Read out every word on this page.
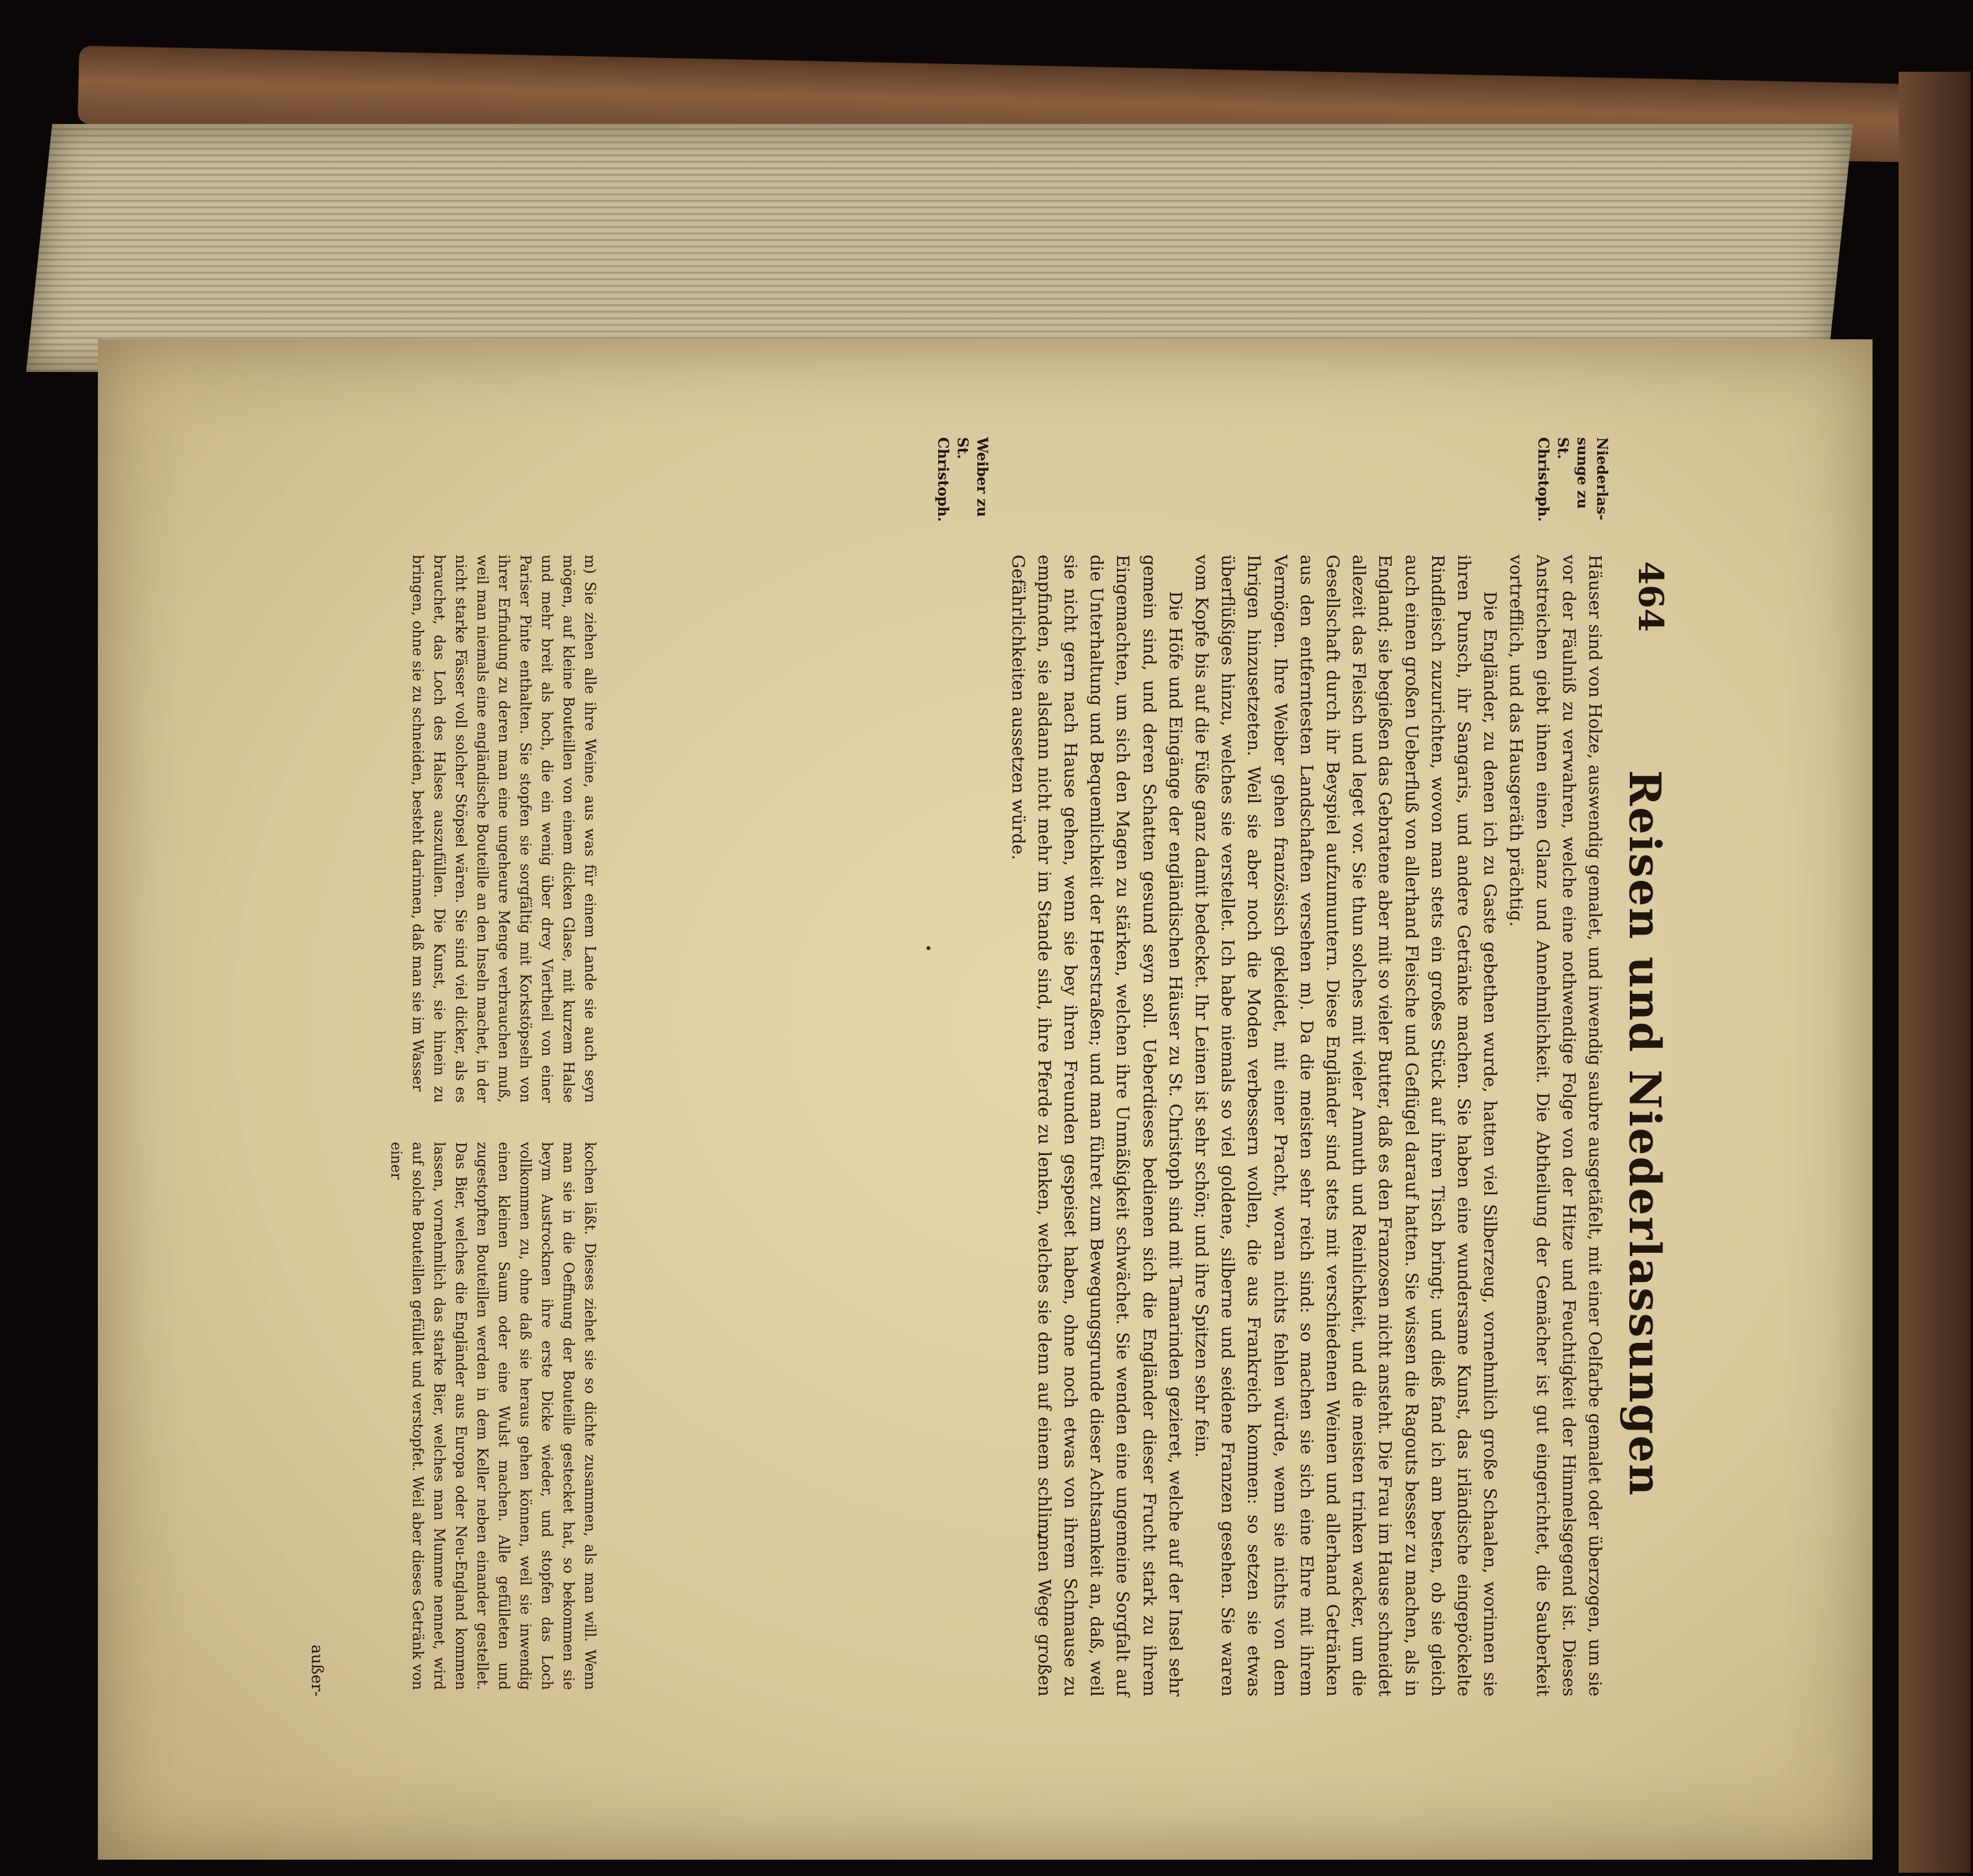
464
Reisen und Niederlassungen
Niederlas-
sunge zu St.
Christoph.
Weiber zu St.
Christoph.

Häuser sind von Holze, auswendig gemalet, und inwendig saubre ausgetäfelt, mit einer Oelfarbe gemalet oder überzogen, um sie vor der Fäulniß zu verwahren, welche eine nothwendige Folge von der Hitze und Feuchtigkeit der Himmelsgegend ist. Dieses Anstreichen giebt ihnen einen Glanz und Annehmlichkeit. Die Abtheilung der Gemächer ist gut eingerichtet, die Sauberkeit vortrefflich, und das Hausgeräth prächtig.

Die Engländer, zu denen ich zu Gaste gebethen wurde, hatten viel Silberzeug, vornehmlich große Schaalen, worinnen sie ihren Punsch, ihr Sangaris, und andere Getränke machen. Sie haben eine wundersame Kunst, das irländische eingepöckelte Rindfleisch zuzurichten, wovon man stets ein großes Stück auf ihren Tisch bringt; und dieß fand ich am besten, ob sie gleich auch einen großen Ueberfluß von allerhand Fleische und Geflügel darauf hatten. Sie wissen die Ragouts besser zu machen, als in England; sie begießen das Gebratene aber mit so vieler Butter, daß es den Franzosen nicht ansteht. Die Frau im Hause schneidet allezeit das Fleisch und leget vor. Sie thun solches mit vieler Anmuth und Reinlichkeit, und die meisten trinken wacker, um die Gesellschaft durch ihr Beyspiel aufzumuntern. Diese Engländer sind stets mit verschiedenen Weinen und allerhand Getränken aus den entferntesten Landschaften versehen m). Da die meisten sehr reich sind: so machen sie sich eine Ehre mit ihrem Vermögen. Ihre Weiber gehen französisch gekleidet, mit einer Pracht, woran nichts fehlen würde, wenn sie nichts von dem Ihrigen hinzusetzeten. Weil sie aber noch die Moden verbessern wollen, die aus Frankreich kommen: so setzen sie etwas überflüßiges hinzu, welches sie verstellet. Ich habe niemals so viel goldene, silberne und seidene Franzen gesehen. Sie waren vom Kopfe bis auf die Füße ganz damit bedecket. Ihr Leinen ist sehr schön; und ihre Spitzen sehr fein.

Die Höfe und Eingänge der engländischen Häuser zu St. Christoph sind mit Tamarinden gezieret, welche auf der Insel sehr gemein sind, und deren Schatten gesund seyn soll. Ueberdieses bedienen sich die Engländer dieser Frucht stark zu ihrem Eingemachten, um sich den Magen zu stärken, welchen ihre Unmäßigkeit schwächet. Sie wenden eine ungemeine Sorgfalt auf die Unterhaltung und Bequemlichkeit der Heerstraßen; und man führet zum Bewegungsgrunde dieser Achtsamkeit an, daß, weil sie nicht gern nach Hause gehen, wenn sie bey ihren Freunden gespeiset haben, ohne noch etwas von ihrem Schmause zu empfinden, sie alsdann nicht mehr im Stande sind, ihre Pferde zu lenken, welches sie denn auf einem schlimmen Wege großen Gefährlichkeiten aussetzen würde.

m) Sie ziehen alle ihre Weine, aus was für einem Lande sie auch seyn mögen, auf kleine Bouteillen von einem dicken Glase, mit kurzem Halse und mehr breit als hoch, die ein wenig über drey Viertheil von einer Pariser Pinte enthalten. Sie stopfen sie sorgfältig mit Korkstöpseln von ihrer Erfindung zu deren man eine ungeheure Menge verbrauchen muß, weil man niemals eine engländische Bouteille an den Inseln machet, in der nicht starke Fässer voll solcher Stöpsel wären. Sie sind viel dicker, als es brauchet, das Loch des Halses auszufüllen. Die Kunst, sie hinein zu bringen, ohne sie zu schneiden, besteht darinnen, daß man sie im Wasserkochen läßt. Dieses ziehet sie so dichte zusammen, als man will. Wenn man sie in die Oeffnung der Bouteille gestecket hat, so bekommen sie beym Austrocknen ihre erste Dicke wieder, und stopfen das Loch vollkommen zu, ohne daß sie heraus gehen können, weil sie inwendig einen kleinen Saum oder eine Wulst machen. Alle gefülleten und zugestopften Bouteillen werden in dem Keller neben einander gestellet. Das Bier, welches die Engländer aus Europa oder Neu-England kommen lassen, vornehmlich das starke Bier, welches man Mumme nennet, wird auf solche Bouteillen gefüllet und verstopfet. Weil aber dieses Getränk von einer
außer-
